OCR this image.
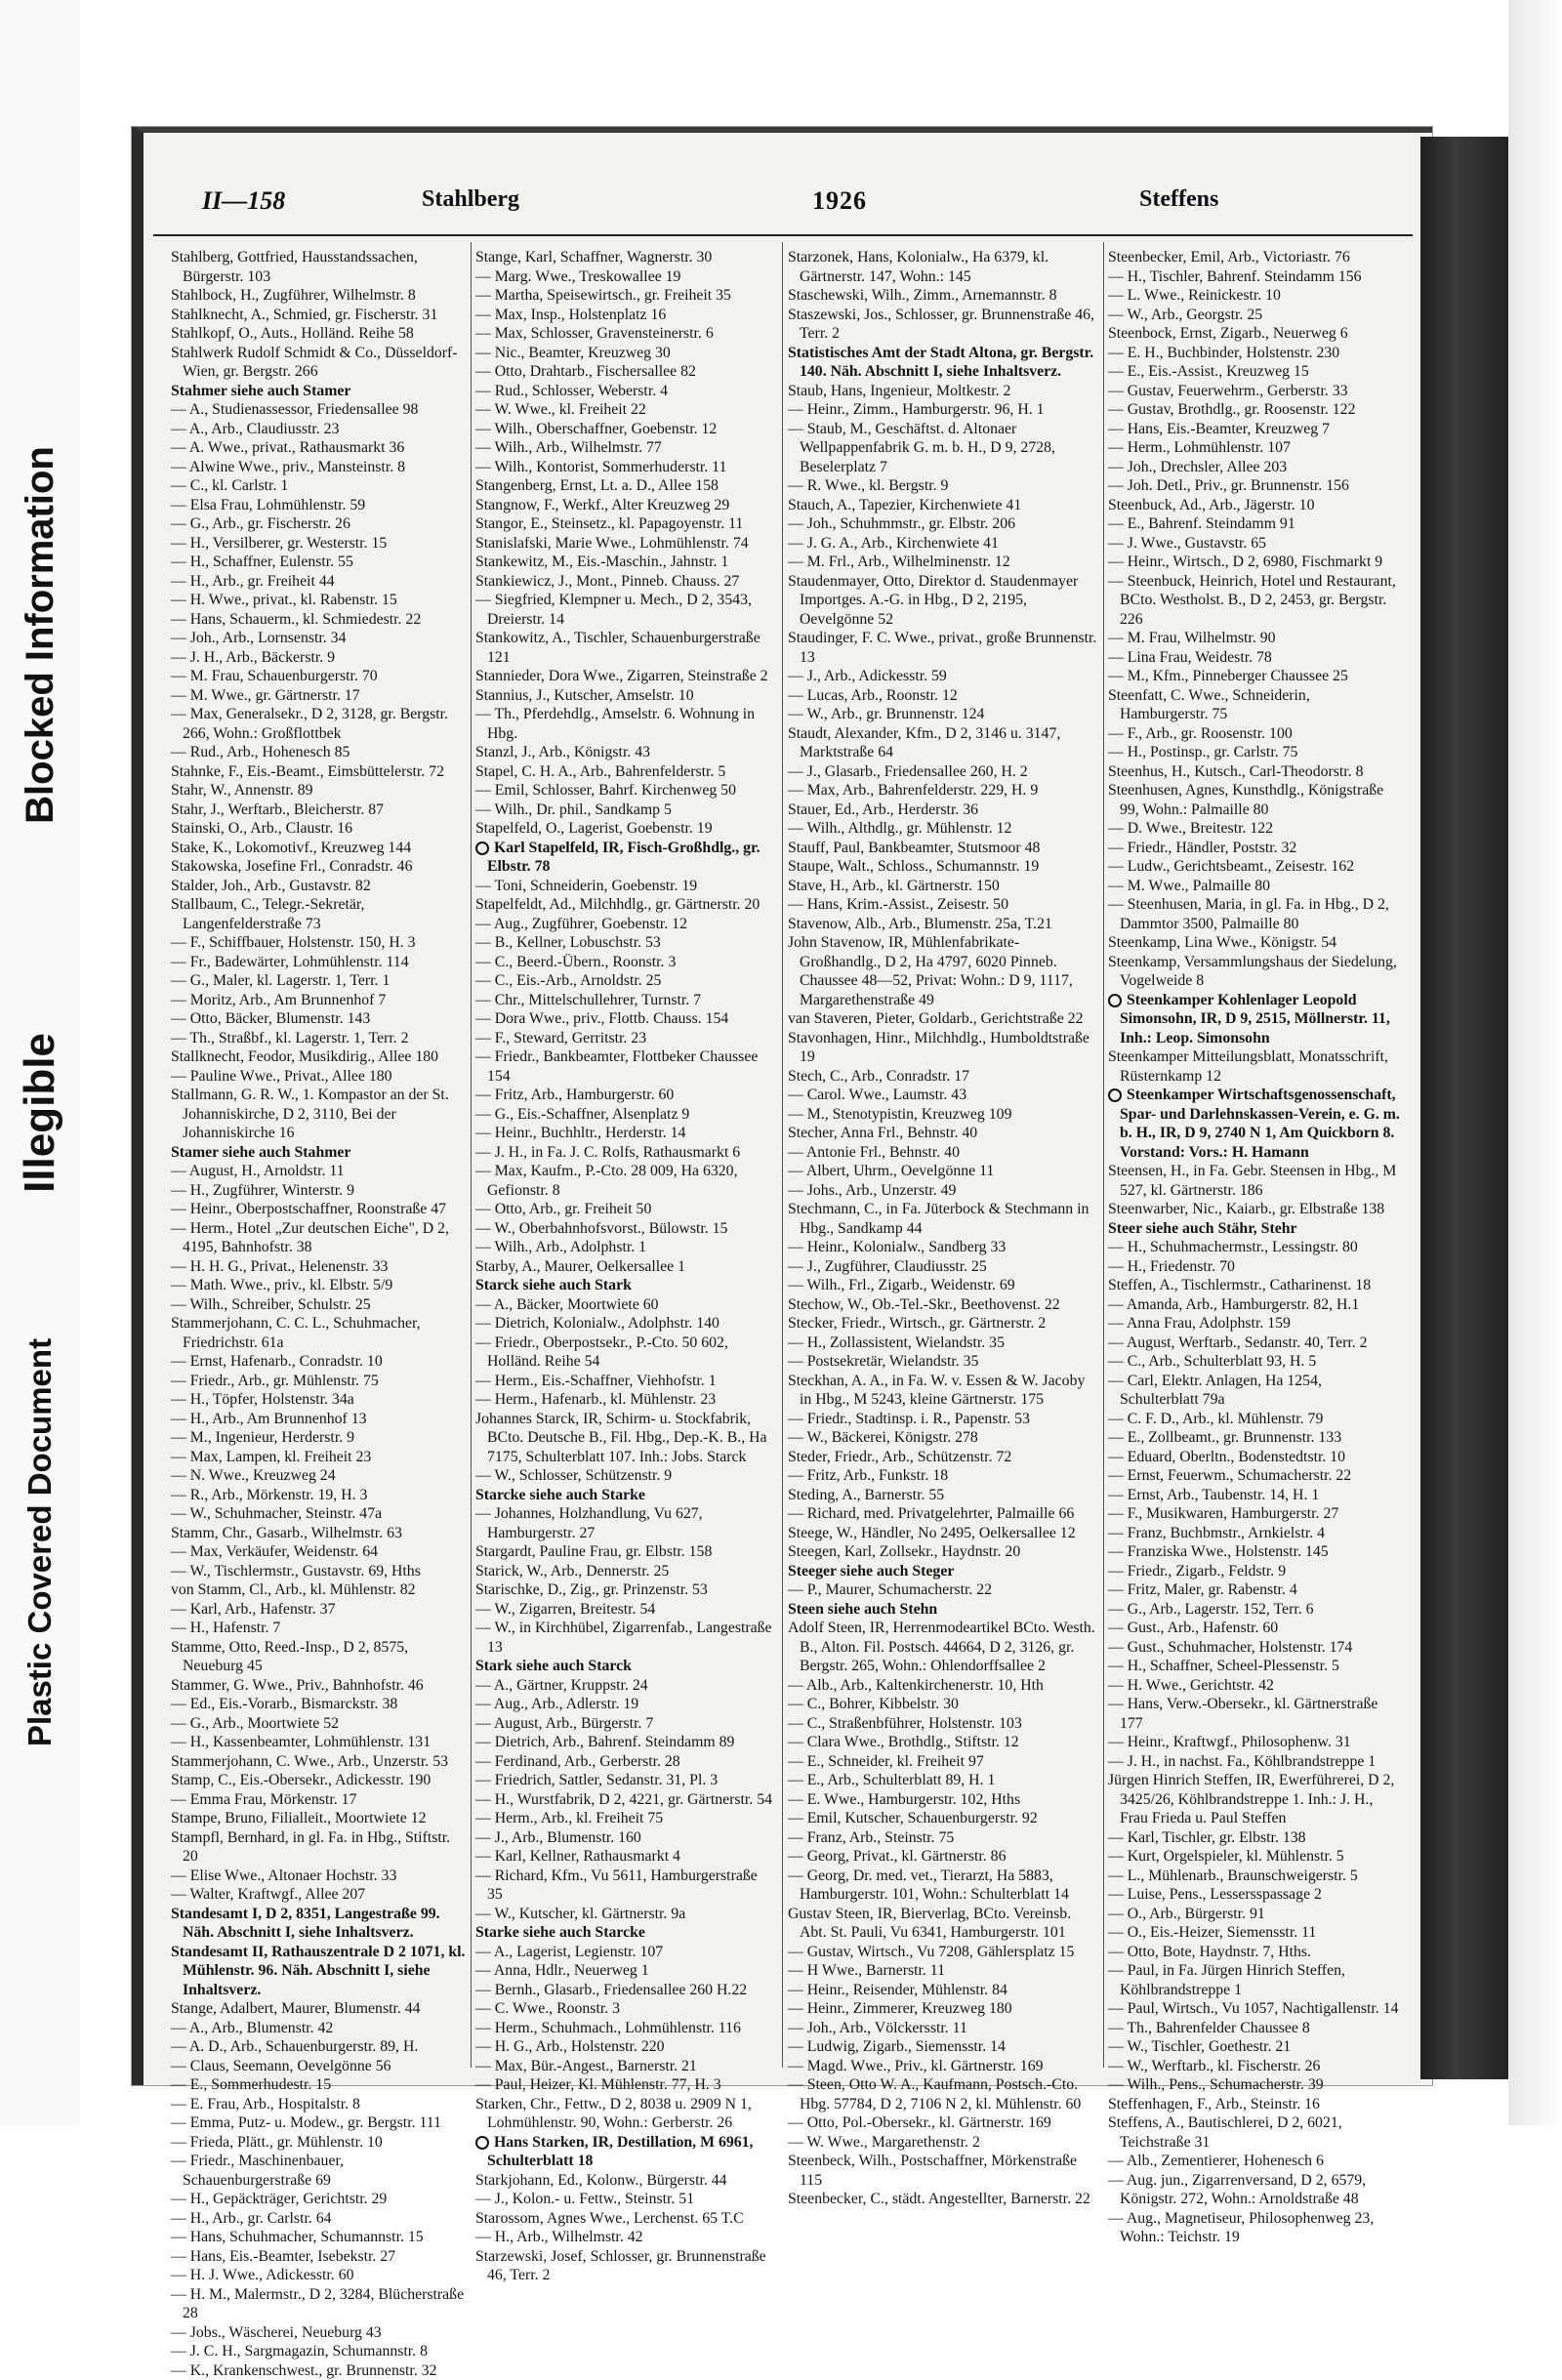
Blocked Information
Illegible
Plastic Covered Document
II—158	Stahlberg	1926	Steffens
Stahlberg, Gottfried, Hausstandssachen, Bürgerstr. 103
Stahlbock, H., Zugführer, Wilhelmstr. 8
Stahlknecht, A., Schmied, gr. Fischerstr. 31
Stahlkopf, O., Auts., Holländ. Reihe 58
Stahlwerk Rudolf Schmidt & Co., Düsseldorf-Wien, gr. Bergstr. 266
Stahmer siehe auch Stamer
— A., Studienassessor, Friedensallee 98
— A., Arb., Claudiusstr. 23
— A. Wwe., privat., Rathausmarkt 36
— Alwine Wwe., priv., Mansteinstr. 8
— C., kl. Carlstr. 1
— Elsa Frau, Lohmühlenstr. 59
— G., Arb., gr. Fischerstr. 26
— H., Versilberer, gr. Westerstr. 15
— H., Schaffner, Eulenstr. 55
— H., Arb., gr. Freiheit 44
— H. Wwe., privat., kl. Rabenstr. 15
— Hans, Schauerm., kl. Schmiedestr. 22
— Joh., Arb., Lornsenstr. 34
— J. H., Arb., Bäckerstr. 9
— M. Frau, Schauenburgerstr. 70
— M. Wwe., gr. Gärtnerstr. 17
— Max, Generalsekr., D 2, 3128, gr. Bergstr. 266, Wohn.: Großflottbek
— Rud., Arb., Hohenesch 85
Stahnke, F., Eis.-Beamt., Eimsbüttelerstr. 72
Stahr, W., Annenstr. 89
Stahr, J., Werftarb., Bleicherstr. 87
Stainski, O., Arb., Claustr. 16
Stake, K., Lokomotivf., Kreuzweg 144
Stakowska, Josefine Frl., Conradstr. 46
Stalder, Joh., Arb., Gustavstr. 82
Stallbaum, C., Telegr.-Sekretär, Langenfelderstraße 73
— F., Schiffbauer, Holstenstr. 150, H. 3
— Fr., Badewärter, Lohmühlenstr. 114
— G., Maler, kl. Lagerstr. 1, Terr. 1
— Moritz, Arb., Am Brunnenhof 7
— Otto, Bäcker, Blumenstr. 143
— Th., Straßbf., kl. Lagerstr. 1, Terr. 2
Stallknecht, Feodor, Musikdirig., Allee 180
— Pauline Wwe., Privat., Allee 180
Stallmann, G. R. W., 1. Kompastor an der St. Johanniskirche, D 2, 3110, Bei der Johanniskirche 16
Stamer siehe auch Stahmer
— August, H., Arnoldstr. 11
— H., Zugführer, Winterstr. 9
— Heinr., Oberpostschaffner, Roonstraße 47
— Herm., Hotel „Zur deutschen Eiche", D 2, 4195, Bahnhofstr. 38
— H. H. G., Privat., Helenenstr. 33
— Math. Wwe., priv., kl. Elbstr. 5/9
— Wilh., Schreiber, Schulstr. 25
Stammerjohann, C. C. L., Schuhmacher, Friedrichstr. 61a
— Ernst, Hafenarb., Conradstr. 10
— Friedr., Arb., gr. Mühlenstr. 75
— H., Töpfer, Holstenstr. 34a
— H., Arb., Am Brunnenhof 13
— M., Ingenieur, Herderstr. 9
— Max, Lampen, kl. Freiheit 23
— N. Wwe., Kreuzweg 24
— R., Arb., Mörkenstr. 19, H. 3
— W., Schuhmacher, Steinstr. 47a
Stamm, Chr., Gasarb., Wilhelmstr. 63
— Max, Verkäufer, Weidenstr. 64
— W., Tischlermstr., Gustavstr. 69, Hths
von Stamm, Cl., Arb., kl. Mühlenstr. 82
— Karl, Arb., Hafenstr. 37
— H., Hafenstr. 7
Stamme, Otto, Reed.-Insp., D 2, 8575, Neueburg 45
Stammer, G. Wwe., Priv., Bahnhofstr. 46
— Ed., Eis.-Vorarb., Bismarckstr. 38
— G., Arb., Moortwiete 52
— H., Kassenbeamter, Lohmühlenstr. 131
Stammerjohann, C. Wwe., Arb., Unzerstr. 53
Stamp, C., Eis.-Obersekr., Adickesstr. 190
— Emma Frau, Mörkenstr. 17
Stampe, Bruno, Filialleit., Moortwiete 12
Stampfl, Bernhard, in gl. Fa. in Hbg., Stiftstr. 20
— Elise Wwe., Altonaer Hochstr. 33
— Walter, Kraftwgf., Allee 207
Standesamt I, D 2, 8351, Langestraße 99. Näh. Abschnitt I, siehe Inhaltsverz.
Standesamt II, Rathauszentrale D 2 1071, kl. Mühlenstr. 96. Näh. Abschnitt I, siehe Inhaltsverz.
Stange, Adalbert, Maurer, Blumenstr. 44
— A., Arb., Blumenstr. 42
— A. D., Arb., Schauenburgerstr. 89, H.
— Claus, Seemann, Oevelgönne 56
— E., Sommerhudestr. 15
— E. Frau, Arb., Hospitalstr. 8
— Emma, Putz- u. Modew., gr. Bergstr. 111
— Frieda, Plätt., gr. Mühlenstr. 10
— Friedr., Maschinenbauer, Schauenburgerstraße 69
— H., Gepäckträger, Gerichtstr. 29
— H., Arb., gr. Carlstr. 64
— Hans, Schuhmacher, Schumannstr. 15
— Hans, Eis.-Beamter, Isebekstr. 27
— H. J. Wwe., Adickesstr. 60
— H. M., Malermstr., D 2, 3284, Blücherstraße 28
— Jobs., Wäscherei, Neueburg 43
— J. C. H., Sargmagazin, Schumannstr. 8
— K., Krankenschwest., gr. Brunnenstr. 32
Stange, Karl, Schaffner, Wagnerstr. 30
— Marg. Wwe., Treskowallee 19
— Martha, Speisewirtsch., gr. Freiheit 35
— Max, Insp., Holstenplatz 16
— Max, Schlosser, Gravensteinerstr. 6
— Nic., Beamter, Kreuzweg 30
— Otto, Drahtarb., Fischersallee 82
— Rud., Schlosser, Weberstr. 4
— W. Wwe., kl. Freiheit 22
— Wilh., Oberschaffner, Goebenstr. 12
— Wilh., Arb., Wilhelmstr. 77
— Wilh., Kontorist, Sommerhuderstr. 11
Stangenberg, Ernst, Lt. a. D., Allee 158
Stangnow, F., Werkf., Alter Kreuzweg 29
Stangor, E., Steinsetz., kl. Papagoyenstr. 11
Stanislafski, Marie Wwe., Lohmühlenstr. 74
Stankewitz, M., Eis.-Maschin., Jahnstr. 1
Stankiewicz, J., Mont., Pinneb. Chauss. 27
— Siegfried, Klempner u. Mech., D 2, 3543, Dreierstr. 14
Stankowitz, A., Tischler, Schauenburgerstraße 121
Stannieder, Dora Wwe., Zigarren, Steinstraße 2
Stannius, J., Kutscher, Amselstr. 10
— Th., Pferdehdlg., Amselstr. 6. Wohnung in Hbg.
Stanzl, J., Arb., Königstr. 43
Stapel, C. H. A., Arb., Bahrenfelderstr. 5
— Emil, Schlosser, Bahrf. Kirchenweg 50
— Wilh., Dr. phil., Sandkamp 5
Stapelfeld, O., Lagerist, Goebenstr. 19
Karl Stapelfeld, IR, Fisch-Großhdlg., gr. Elbstr. 78
— Toni, Schneiderin, Goebenstr. 19
Stapelfeldt, Ad., Milchhdlg., gr. Gärtnerstr. 20
— Aug., Zugführer, Goebenstr. 12
— B., Kellner, Lobuschstr. 53
— C., Beerd.-Übern., Roonstr. 3
— C., Eis.-Arb., Arnoldstr. 25
— Chr., Mittelschullehrer, Turnstr. 7
— Dora Wwe., priv., Flottb. Chauss. 154
— F., Steward, Gerritstr. 23
— Friedr., Bankbeamter, Flottbeker Chaussee 154
— Fritz, Arb., Hamburgerstr. 60
— G., Eis.-Schaffner, Alsenplatz 9
— Heinr., Buchhltr., Herderstr. 14
— J. H., in Fa. J. C. Rolfs, Rathausmarkt 6
— Max, Kaufm., P.-Cto. 28 009, Ha 6320, Gefionstr. 8
— Otto, Arb., gr. Freiheit 50
— W., Oberbahnhofsvorst., Bülowstr. 15
— Wilh., Arb., Adolphstr. 1
Starby, A., Maurer, Oelkersallee 1
Starck siehe auch Stark
— A., Bäcker, Moortwiete 60
— Dietrich, Kolonialw., Adolphstr. 140
— Friedr., Oberpostsekr., P.-Cto. 50 602, Holländ. Reihe 54
— Herm., Eis.-Schaffner, Viehhofstr. 1
— Herm., Hafenarb., kl. Mühlenstr. 23
Johannes Starck, IR, Schirm- u. Stockfabrik, BCto. Deutsche B., Fil. Hbg., Dep.-K. B., Ha 7175, Schulterblatt 107. Inh.: Jobs. Starck
— W., Schlosser, Schützenstr. 9
Starcke siehe auch Starke
— Johannes, Holzhandlung, Vu 627, Hamburgerstr. 27
Stargardt, Pauline Frau, gr. Elbstr. 158
Starick, W., Arb., Dennerstr. 25
Starischke, D., Zig., gr. Prinzenstr. 53
— W., Zigarren, Breitestr. 54
— W., in Kirchhübel, Zigarrenfab., Langestraße 13
Stark siehe auch Starck
— A., Gärtner, Kruppstr. 24
— Aug., Arb., Adlerstr. 19
— August, Arb., Bürgerstr. 7
— Dietrich, Arb., Bahrenf. Steindamm 89
— Ferdinand, Arb., Gerberstr. 28
— Friedrich, Sattler, Sedanstr. 31, Pl. 3
— H., Wurstfabrik, D 2, 4221, gr. Gärtnerstr. 54
— Herm., Arb., kl. Freiheit 75
— J., Arb., Blumenstr. 160
— Karl, Kellner, Rathausmarkt 4
— Richard, Kfm., Vu 5611, Hamburgerstraße 35
— W., Kutscher, kl. Gärtnerstr. 9a
Starke siehe auch Starcke
— A., Lagerist, Legienstr. 107
— Anna, Hdlr., Neuerweg 1
— Bernh., Glasarb., Friedensallee 260 H.22
— C. Wwe., Roonstr. 3
— Herm., Schuhmach., Lohmühlenstr. 116
— H. G., Arb., Holstenstr. 220
— Max, Bür.-Angest., Barnerstr. 21
— Paul, Heizer, Kl. Mühlenstr. 77, H. 3
Starken, Chr., Fettw., D 2, 8038 u. 2909 N 1, Lohmühlenstr. 90, Wohn.: Gerberstr. 26
Hans Starken, IR, Destillation, M 6961, Schulterblatt 18
Starkjohann, Ed., Kolonw., Bürgerstr. 44
— J., Kolon.- u. Fettw., Steinstr. 51
Starossom, Agnes Wwe., Lerchenst. 65 T.C
— H., Arb., Wilhelmstr. 42
Starzewski, Josef, Schlosser, gr. Brunnenstraße 46, Terr. 2
Starzonek, Hans, Kolonialw., Ha 6379, kl. Gärtnerstr. 147, Wohn.: 145
Staschewski, Wilh., Zimm., Arnemannstr. 8
Staszewski, Jos., Schlosser, gr. Brunnenstraße 46, Terr. 2
Statistisches Amt der Stadt Altona, gr. Bergstr. 140. Näh. Abschnitt I, siehe Inhaltsverz.
Staub, Hans, Ingenieur, Moltkestr. 2
— Heinr., Zimm., Hamburgerstr. 96, H. 1
— Staub, M., Geschäftst. d. Altonaer Wellpappenfabrik G. m. b. H., D 9, 2728, Beselerplatz 7
— R. Wwe., kl. Bergstr. 9
Stauch, A., Tapezier, Kirchenwiete 41
— Joh., Schuhmmstr., gr. Elbstr. 206
— J. G. A., Arb., Kirchenwiete 41
— M. Frl., Arb., Wilhelminenstr. 12
Staudenmayer, Otto, Direktor d. Staudenmayer Importges. A.-G. in Hbg., D 2, 2195, Oevelgönne 52
Staudinger, F. C. Wwe., privat., große Brunnenstr. 13
— J., Arb., Adickesstr. 59
— Lucas, Arb., Roonstr. 12
— W., Arb., gr. Brunnenstr. 124
Staudt, Alexander, Kfm., D 2, 3146 u. 3147, Marktstraße 64
— J., Glasarb., Friedensallee 260, H. 2
— Max, Arb., Bahrenfelderstr. 229, H. 9
Stauer, Ed., Arb., Herderstr. 36
— Wilh., Althdlg., gr. Mühlenstr. 12
Stauff, Paul, Bankbeamter, Stutsmoor 48
Staupe, Walt., Schloss., Schumannstr. 19
Stave, H., Arb., kl. Gärtnerstr. 150
— Hans, Krim.-Assist., Zeisestr. 50
Stavenow, Alb., Arb., Blumenstr. 25a, T.21
John Stavenow, IR, Mühlenfabrikate-Großhandlg., D 2, Ha 4797, 6020 Pinneb. Chaussee 48—52, Privat: Wohn.: D 9, 1117, Margarethenstraße 49
van Staveren, Pieter, Goldarb., Gerichtstraße 22
Stavonhagen, Hinr., Milchhdlg., Humboldtstraße 19
Stech, C., Arb., Conradstr. 17
— Carol. Wwe., Laumstr. 43
— M., Stenotypistin, Kreuzweg 109
Stecher, Anna Frl., Behnstr. 40
— Antonie Frl., Behnstr. 40
— Albert, Uhrm., Oevelgönne 11
— Johs., Arb., Unzerstr. 49
Stechmann, C., in Fa. Jüterbock & Stechmann in Hbg., Sandkamp 44
— Heinr., Kolonialw., Sandberg 33
— J., Zugführer, Claudiusstr. 25
— Wilh., Frl., Zigarb., Weidenstr. 69
Stechow, W., Ob.-Tel.-Skr., Beethovenst. 22
Stecker, Friedr., Wirtsch., gr. Gärtnerstr. 2
— H., Zollassistent, Wielandstr. 35
— Postsekretär, Wielandstr. 35
Steckhan, A. A., in Fa. W. v. Essen & W. Jacoby in Hbg., M 5243, kleine Gärtnerstr. 175
— Friedr., Stadtinsp. i. R., Papenstr. 53
— W., Bäckerei, Königstr. 278
Steder, Friedr., Arb., Schützenstr. 72
— Fritz, Arb., Funkstr. 18
Steding, A., Barnerstr. 55
— Richard, med. Privatgelehrter, Palmaille 66
Steege, W., Händler, No 2495, Oelkersallee 12
Steegen, Karl, Zollsekr., Haydnstr. 20
Steeger siehe auch Steger
— P., Maurer, Schumacherstr. 22
Steen siehe auch Stehn
Adolf Steen, IR, Herrenmodeartikel BCto. Westh. B., Alton. Fil. Postsch. 44664, D 2, 3126, gr. Bergstr. 265, Wohn.: Ohlendorffsallee 2
— Alb., Arb., Kaltenkirchenerstr. 10, Hth
— C., Bohrer, Kibbelstr. 30
— C., Straßenbführer, Holstenstr. 103
— Clara Wwe., Brothdlg., Stiftstr. 12
— E., Schneider, kl. Freiheit 97
— E., Arb., Schulterblatt 89, H. 1
— E. Wwe., Hamburgerstr. 102, Hths
— Emil, Kutscher, Schauenburgerstr. 92
— Franz, Arb., Steinstr. 75
— Georg, Privat., kl. Gärtnerstr. 86
— Georg, Dr. med. vet., Tierarzt, Ha 5883, Hamburgerstr. 101, Wohn.: Schulterblatt 14
Gustav Steen, IR, Bierverlag, BCto. Vereinsb. Abt. St. Pauli, Vu 6341, Hamburgerstr. 101
— Gustav, Wirtsch., Vu 7208, Gählersplatz 15
— H Wwe., Barnerstr. 11
— Heinr., Reisender, Mühlenstr. 84
— Heinr., Zimmerer, Kreuzweg 180
— Joh., Arb., Völckersstr. 11
— Ludwig, Zigarb., Siemensstr. 14
— Magd. Wwe., Priv., kl. Gärtnerstr. 169
— Steen, Otto W. A., Kaufmann, Postsch.-Cto. Hbg. 57784, D 2, 7106 N 2, kl. Mühlenstr. 60
— Otto, Pol.-Obersekr., kl. Gärtnerstr. 169
— W. Wwe., Margarethenstr. 2
Steenbeck, Wilh., Postschaffner, Mörkenstraße 115
Steenbecker, C., städt. Angestellter, Barnerstr. 22
Steenbecker, Emil, Arb., Victoriastr. 76
— H., Tischler, Bahrenf. Steindamm 156
— L. Wwe., Reinickestr. 10
— W., Arb., Georgstr. 25
Steenbock, Ernst, Zigarb., Neuerweg 6
— E. H., Buchbinder, Holstenstr. 230
— E., Eis.-Assist., Kreuzweg 15
— Gustav, Feuerwehrm., Gerberstr. 33
— Gustav, Brothdlg., gr. Roosenstr. 122
— Hans, Eis.-Beamter, Kreuzweg 7
— Herm., Lohmühlenstr. 107
— Joh., Drechsler, Allee 203
— Joh. Detl., Priv., gr. Brunnenstr. 156
Steenbuck, Ad., Arb., Jägerstr. 10
— E., Bahrenf. Steindamm 91
— J. Wwe., Gustavstr. 65
— Heinr., Wirtsch., D 2, 6980, Fischmarkt 9
— Steenbuck, Heinrich, Hotel und Restaurant, BCto. Westholst. B., D 2, 2453, gr. Bergstr. 226
— M. Frau, Wilhelmstr. 90
— Lina Frau, Weidestr. 78
— M., Kfm., Pinneberger Chaussee 25
Steenfatt, C. Wwe., Schneiderin, Hamburgerstr. 75
— F., Arb., gr. Roosenstr. 100
— H., Postinsp., gr. Carlstr. 75
Steenhus, H., Kutsch., Carl-Theodorstr. 8
Steenhusen, Agnes, Kunsthdlg., Königstraße 99, Wohn.: Palmaille 80
— D. Wwe., Breitestr. 122
— Friedr., Händler, Poststr. 32
— Ludw., Gerichtsbeamt., Zeisestr. 162
— M. Wwe., Palmaille 80
— Steenhusen, Maria, in gl. Fa. in Hbg., D 2, Dammtor 3500, Palmaille 80
Steenkamp, Lina Wwe., Königstr. 54
Steenkamp, Versammlungshaus der Siedelung, Vogelweide 8
Steenkamper Kohlenlager Leopold Simonsohn, IR, D 9, 2515, Möllnerstr. 11, Inh.: Leop. Simonsohn
Steenkamper Mitteilungsblatt, Monatsschrift, Rüsternkamp 12
Steenkamper Wirtschaftsgenossenschaft, Spar- und Darlehnskassen-Verein, e. G. m. b. H., IR, D 9, 2740 N 1, Am Quickborn 8. Vorstand: Vors.: H. Hamann
Steensen, H., in Fa. Gebr. Steensen in Hbg., M 527, kl. Gärtnerstr. 186
Steenwarber, Nic., Kaiarb., gr. Elbstraße 138
Steer siehe auch Stähr, Stehr
— H., Schuhmachermstr., Lessingstr. 80
— H., Friedenstr. 70
Steffen, A., Tischlermstr., Catharinenst. 18
— Amanda, Arb., Hamburgerstr. 82, H.1
— Anna Frau, Adolphstr. 159
— August, Werftarb., Sedanstr. 40, Terr. 2
— C., Arb., Schulterblatt 93, H. 5
— Carl, Elektr. Anlagen, Ha 1254, Schulterblatt 79a
— C. F. D., Arb., kl. Mühlenstr. 79
— E., Zollbeamt., gr. Brunnenstr. 133
— Eduard, Oberltn., Bodenstedtstr. 10
— Ernst, Feuerwm., Schumacherstr. 22
— Ernst, Arb., Taubenstr. 14, H. 1
— F., Musikwaren, Hamburgerstr. 27
— Franz, Buchbmstr., Arnkielstr. 4
— Franziska Wwe., Holstenstr. 145
— Friedr., Zigarb., Feldstr. 9
— Fritz, Maler, gr. Rabenstr. 4
— G., Arb., Lagerstr. 152, Terr. 6
— Gust., Arb., Hafenstr. 60
— Gust., Schuhmacher, Holstenstr. 174
— H., Schaffner, Scheel-Plessenstr. 5
— H. Wwe., Gerichtstr. 42
— Hans, Verw.-Obersekr., kl. Gärtnerstraße 177
— Heinr., Kraftwgf., Philosophenw. 31
— J. H., in nachst. Fa., Köhlbrandstreppe 1
Jürgen Hinrich Steffen, IR, Ewerführerei, D 2, 3425/26, Köhlbrandstreppe 1. Inh.: J. H., Frau Frieda u. Paul Steffen
— Karl, Tischler, gr. Elbstr. 138
— Kurt, Orgelspieler, kl. Mühlenstr. 5
— L., Mühlenarb., Braunschweigerstr. 5
— Luise, Pens., Lessersspassage 2
— O., Arb., Bürgerstr. 91
— O., Eis.-Heizer, Siemensstr. 11
— Otto, Bote, Haydnstr. 7, Hths.
— Paul, in Fa. Jürgen Hinrich Steffen, Köhlbrandstreppe 1
— Paul, Wirtsch., Vu 1057, Nachtigallenstr. 14
— Th., Bahrenfelder Chaussee 8
— W., Tischler, Goethestr. 21
— W., Werftarb., kl. Fischerstr. 26
— Wilh., Pens., Schumacherstr. 39
Steffenhagen, F., Arb., Steinstr. 16
Steffens, A., Bautischlerei, D 2, 6021, Teichstraße 31
— Alb., Zementierer, Hohenesch 6
— Aug. jun., Zigarrenversand, D 2, 6579, Königstr. 272, Wohn.: Arnoldstraße 48
— Aug., Magnetiseur, Philosophenweg 23, Wohn.: Teichstr. 19
